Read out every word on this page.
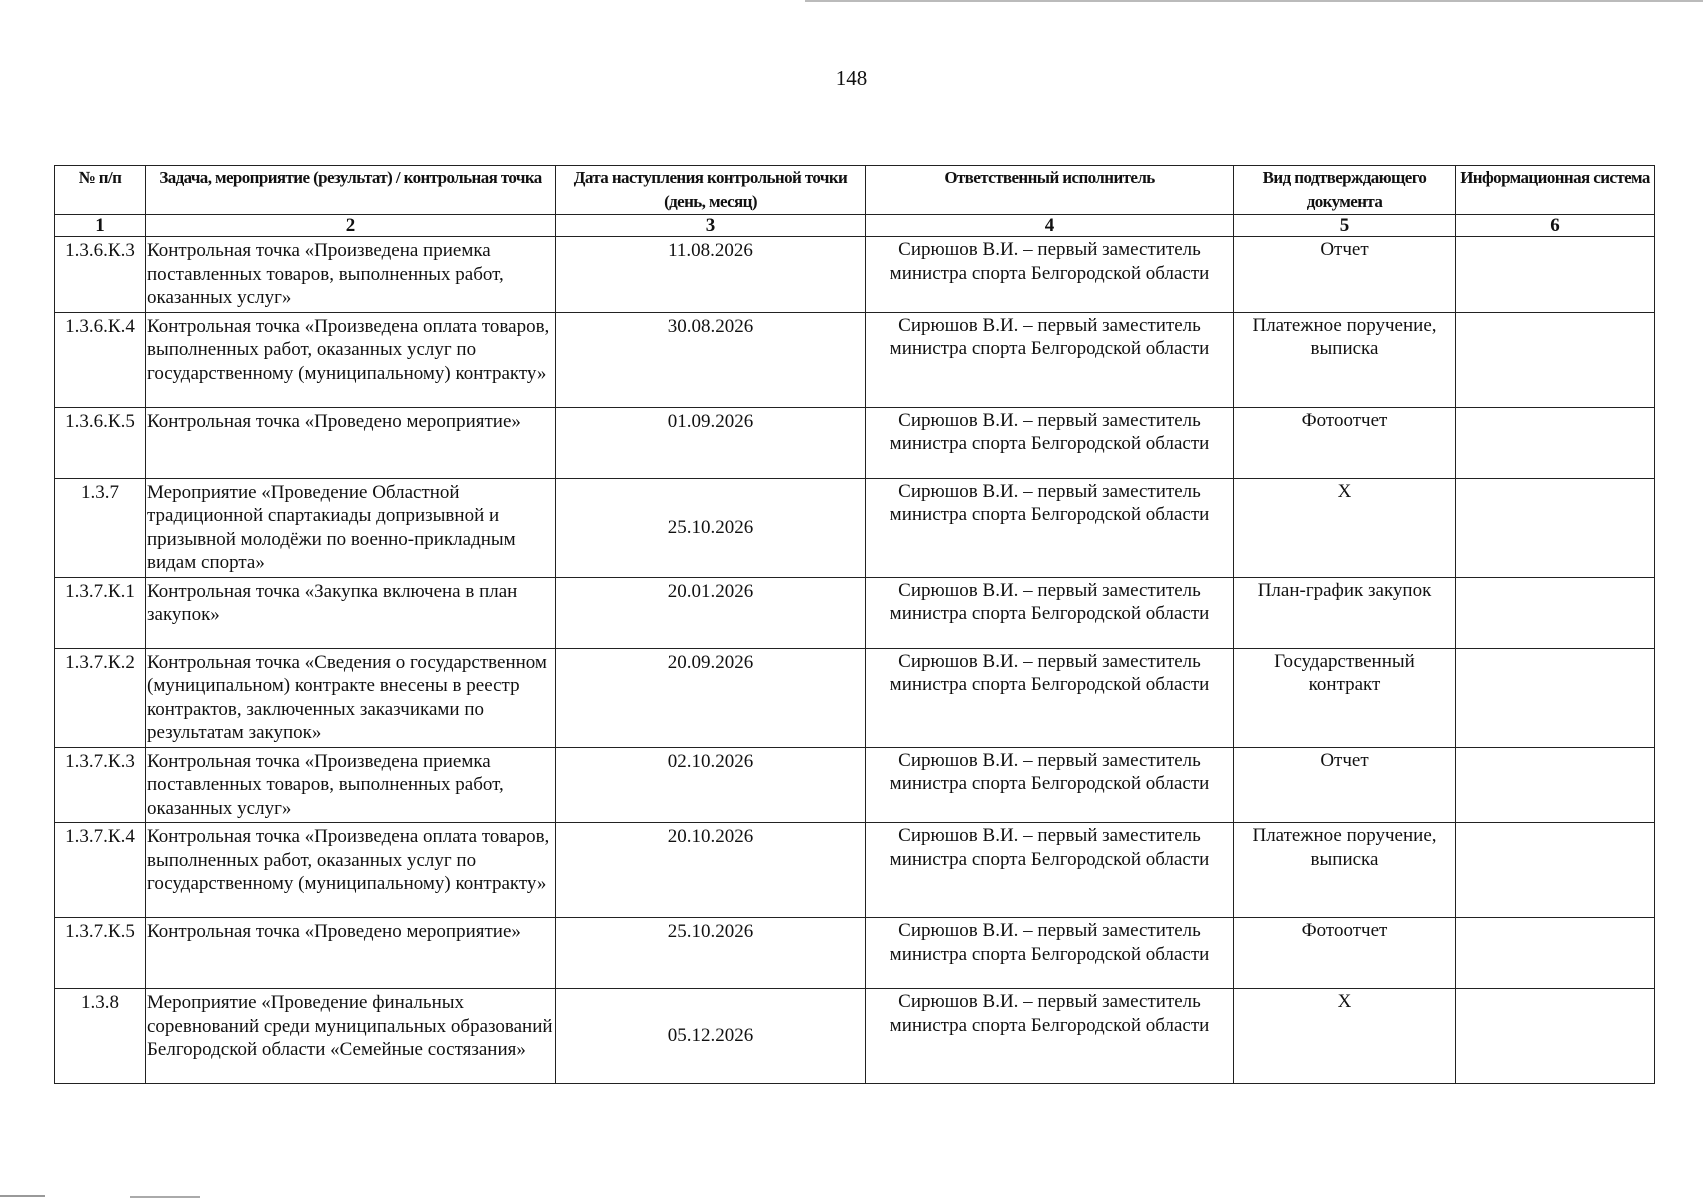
148
№ п/п	Задача, мероприятие (результат) / контрольная точка	Дата наступления контрольной точки (день, месяц)	Ответственный исполнитель	Вид подтверждающего документа	Информационная система
1	2	3	4	5	6
1.3.6.К.3	Контрольная точка «Произведена приемка поставленных товаров, выполненных работ, оказанных услуг»	11.08.2026	Сирюшов В.И. – первый заместитель министра спорта Белгородской области	Отчет	
1.3.6.К.4	Контрольная точка «Произведена оплата товаров, выполненных работ, оказанных услуг по государственному (муниципальному) контракту»	30.08.2026	Сирюшов В.И. – первый заместитель министра спорта Белгородской области	Платежное поручение, выписка	
1.3.6.К.5	Контрольная точка «Проведено мероприятие»	01.09.2026	Сирюшов В.И. – первый заместитель министра спорта Белгородской области	Фотоотчет	
1.3.7	Мероприятие «Проведение Областной традиционной спартакиады допризывной и призывной молодёжи по военно-прикладным видам спорта»	25.10.2026	Сирюшов В.И. – первый заместитель министра спорта Белгородской области	Х	
1.3.7.К.1	Контрольная точка «Закупка включена в план закупок»	20.01.2026	Сирюшов В.И. – первый заместитель министра спорта Белгородской области	План-график закупок	
1.3.7.К.2	Контрольная точка «Сведения о государственном (муниципальном) контракте внесены в реестр контрактов, заключенных заказчиками по результатам закупок»	20.09.2026	Сирюшов В.И. – первый заместитель министра спорта Белгородской области	Государственный контракт	
1.3.7.К.3	Контрольная точка «Произведена приемка поставленных товаров, выполненных работ, оказанных услуг»	02.10.2026	Сирюшов В.И. – первый заместитель министра спорта Белгородской области	Отчет	
1.3.7.К.4	Контрольная точка «Произведена оплата товаров, выполненных работ, оказанных услуг по государственному (муниципальному) контракту»	20.10.2026	Сирюшов В.И. – первый заместитель министра спорта Белгородской области	Платежное поручение, выписка	
1.3.7.К.5	Контрольная точка «Проведено мероприятие»	25.10.2026	Сирюшов В.И. – первый заместитель министра спорта Белгородской области	Фотоотчет	
1.3.8	Мероприятие «Проведение финальных соревнований среди муниципальных образований Белгородской области «Семейные состязания»	05.12.2026	Сирюшов В.И. – первый заместитель министра спорта Белгородской области	Х	
